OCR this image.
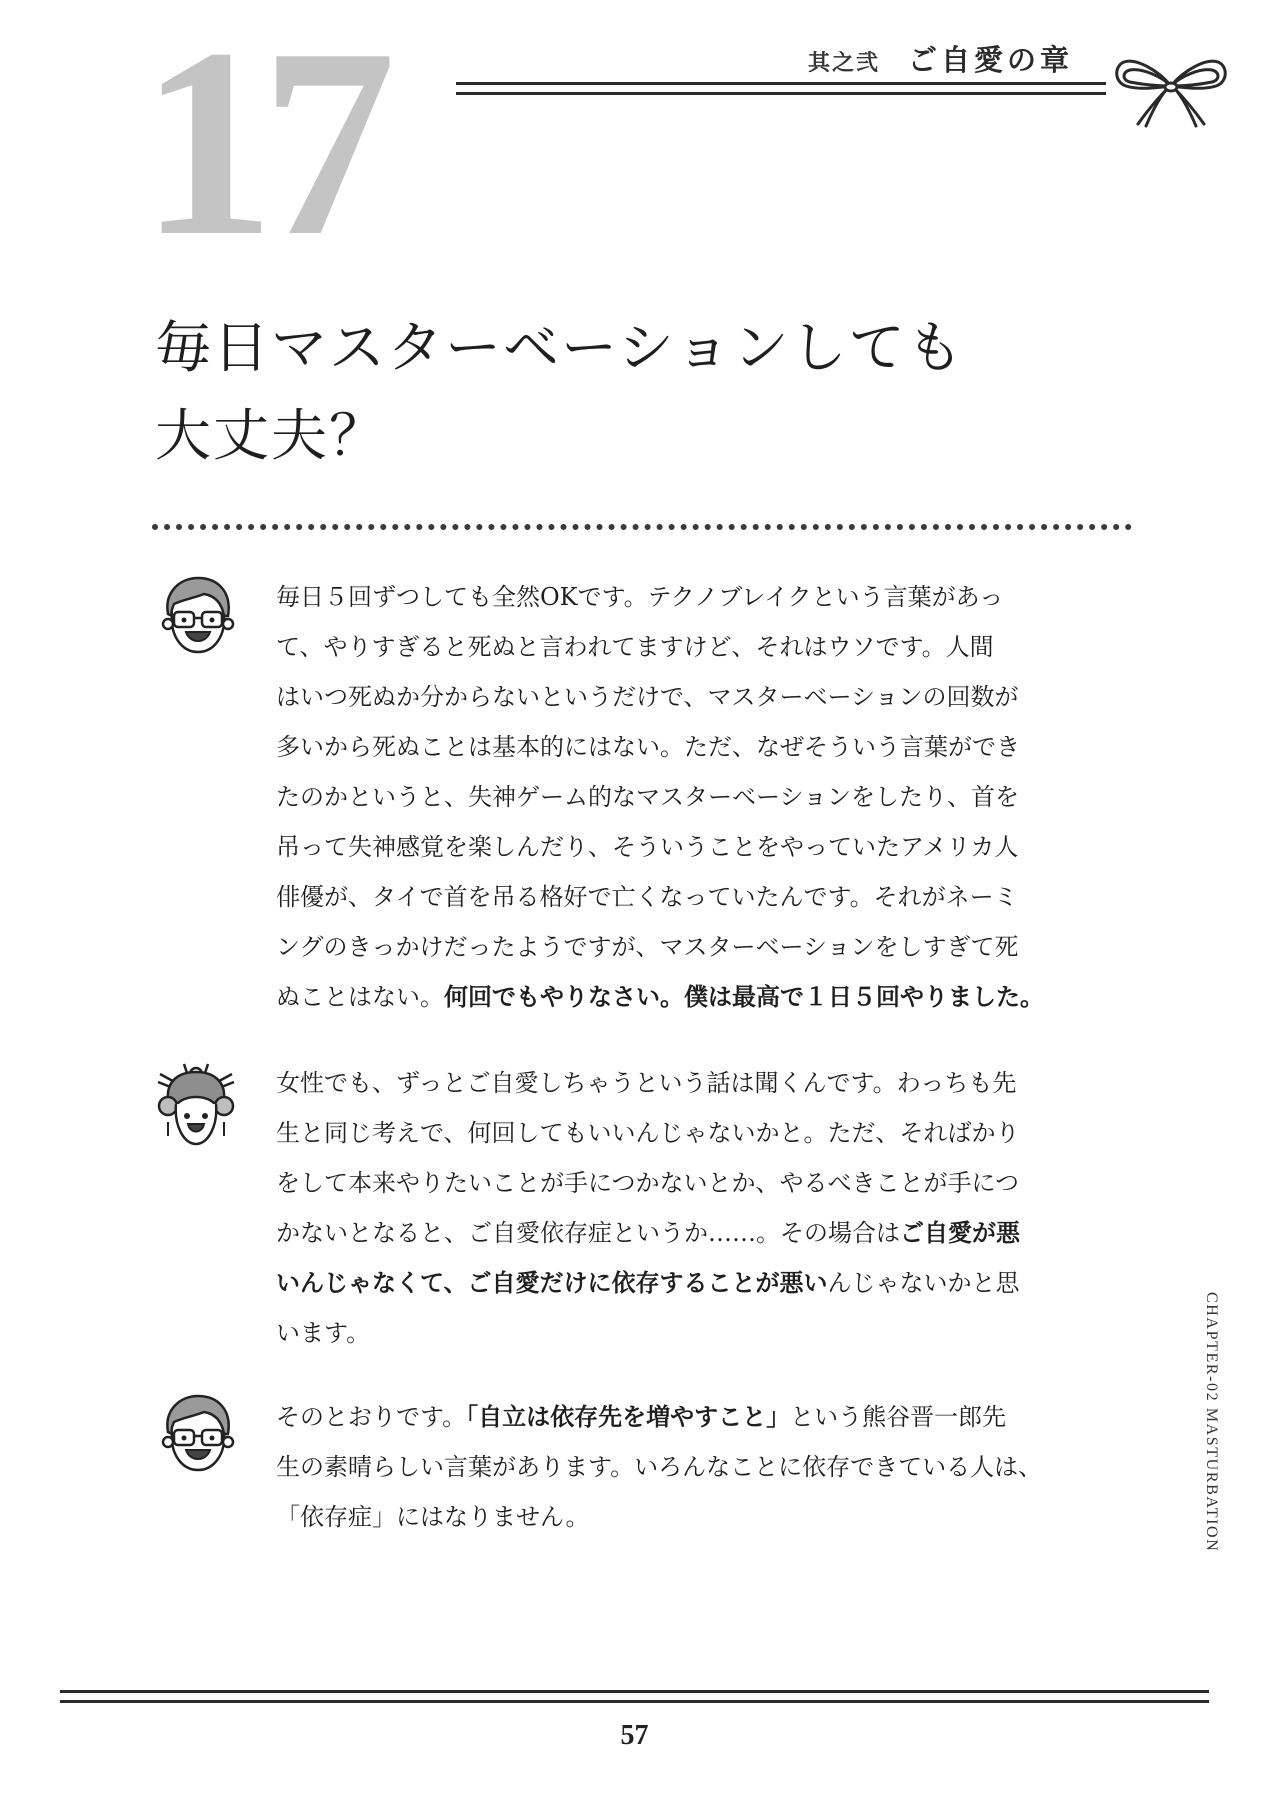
17	其之弐 ご自愛の章
毎日マスターベーションしても
大丈夫？
毎日５回ずつしても全然OKです。テクノブレイクという言葉があっ
て、やりすぎると死ぬと言われてますけど、それはウソです。人間
はいつ死ぬか分からないというだけで、マスターベーションの回数が
多いから死ぬことは基本的にはない。ただ、なぜそういう言葉ができ
たのかというと、失神ゲーム的なマスターベーションをしたり、首を
吊って失神感覚を楽しんだり、そういうことをやっていたアメリカ人
俳優が、タイで首を吊る格好で亡くなっていたんです。それがネーミ
ングのきっかけだったようですが、マスターベーションをしすぎて死
ぬことはない。何回でもやりなさい。僕は最高で１日５回やりました。
女性でも、ずっとご自愛しちゃうという話は聞くんです。わっちも先
生と同じ考えで、何回してもいいんじゃないかと。ただ、そればかり
をして本来やりたいことが手につかないとか、やるべきことが手につ
かないとなると、ご自愛依存症というか……。その場合はご自愛が悪
いんじゃなくて、ご自愛だけに依存することが悪いんじゃないかと思
います。
そのとおりです。「自立は依存先を増やすこと」という熊谷晋一郎先
生の素晴らしい言葉があります。いろんなことに依存できている人は、
「依存症」にはなりません。	CHAPTER-02 MASTURBATION
57
